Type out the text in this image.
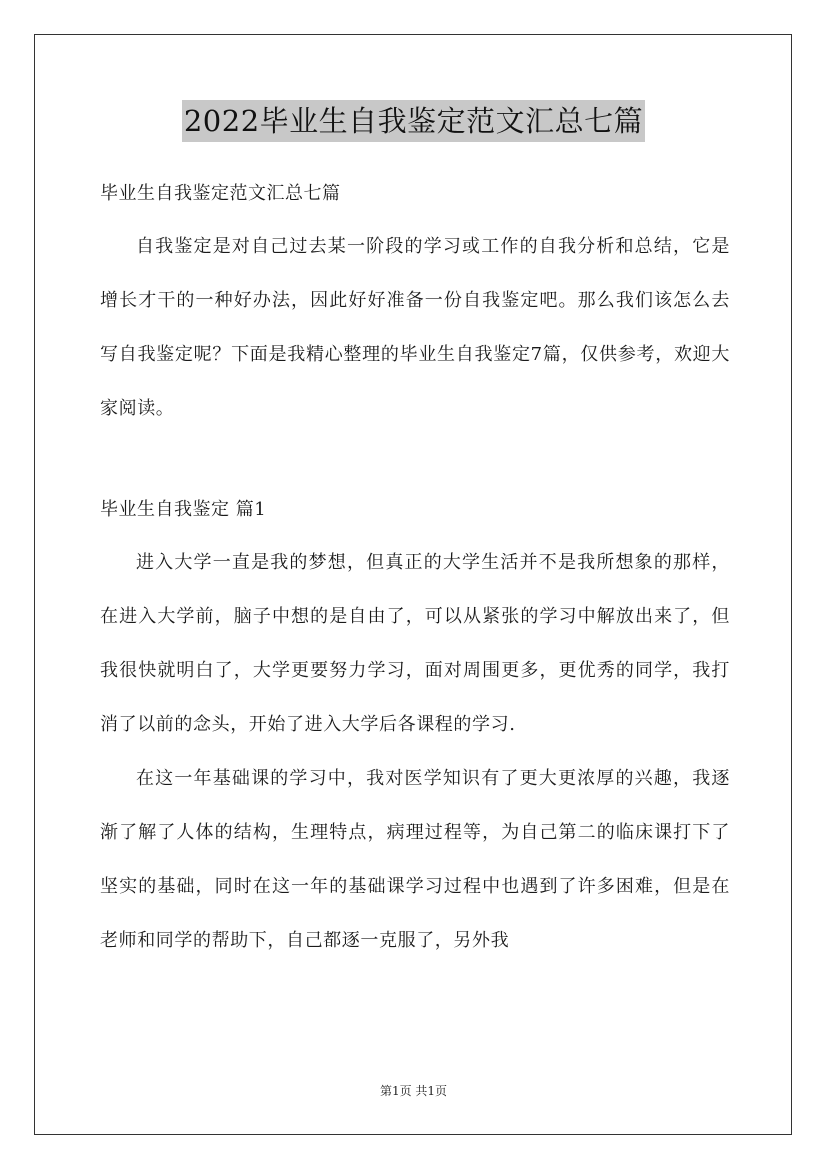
2022毕业生自我鉴定范文汇总七篇

毕业生自我鉴定范文汇总七篇

自我鉴定是对自己过去某一阶段的学习或工作的自我分析和总结，它是增长才干的一种好办法，因此好好准备一份自我鉴定吧。那么我们该怎么去写自我鉴定呢？下面是我精心整理的毕业生自我鉴定7篇，仅供参考，欢迎大家阅读。

毕业生自我鉴定 篇1

进入大学一直是我的梦想，但真正的大学生活并不是我所想象的那样，在进入大学前，脑子中想的是自由了，可以从紧张的学习中解放出来了，但我很快就明白了，大学更要努力学习，面对周围更多，更优秀的同学，我打消了以前的念头，开始了进入大学后各课程的学习.

在这一年基础课的学习中，我对医学知识有了更大更浓厚的兴趣，我逐渐了解了人体的结构，生理特点，病理过程等，为自己第二的临床课打下了坚实的基础，同时在这一年的基础课学习过程中也遇到了许多困难，但是在老师和同学的帮助下，自己都逐一克服了，另外我

第1页 共1页
